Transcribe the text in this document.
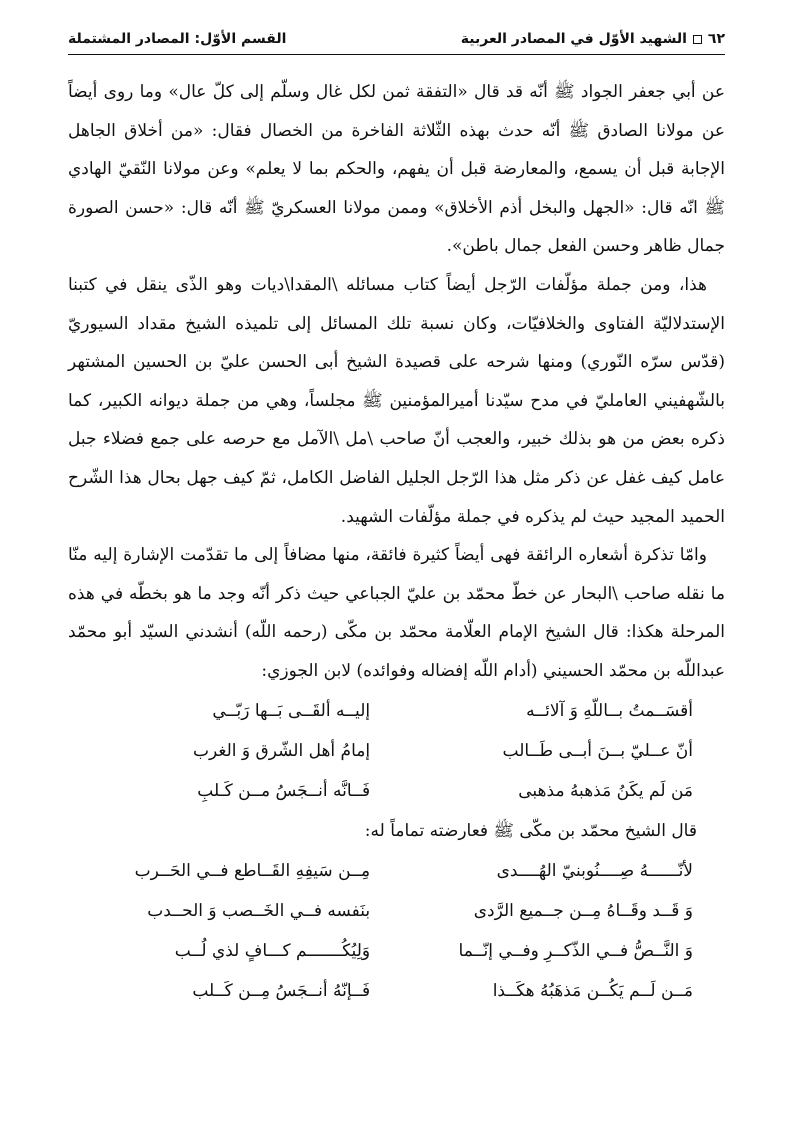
٦٢
الشهيد الأوّل في المصادر العربية
القسم الأوّل: المصادر المشتملة

عن أبي جعفر الجواد ﷺ أنّه قد قال «التفقة ثمن لكل غال وسلّم إلى كلّ عال» وما روى أيضاً عن مولانا الصادق ﷺ أنّه حدث بهذه الثّلاثة الفاخرة من الخصال فقال: «من أخلاق الجاهل الإجابة قبل أن يسمع، والمعارضة قبل أن يفهم، والحكم بما لا يعلم» وعن مولانا النّقيّ الهادي ﷺ انّه قال: «الجهل والبخل أذم الأخلاق» وممن مولانا العسكريّ ﷺ أنّه قال: «حسن الصورة جمال ظاهر وحسن الفعل جمال باطن».

هذا، ومن جملة مؤلّفات الرّجل أيضاً كتاب مسائله \المقدا\ديات وهو الذّى ينقل في كتبنا الإستدلاليّة الفتاوى والخلافيّات، وكان نسبة تلك المسائل إلى تلميذه الشيخ مقداد السيوريّ (قدّس سرّه النّوري) ومنها شرحه على قصيدة الشيخ أبى الحسن عليّ بن الحسين المشتهر بالشّهفيني العامليّ في مدح سيّدنا أميرالمؤمنين ﷺ مجلساً، وهي من جملة ديوانه الكبير، كما ذكره بعض من هو بذلك خبير، والعجب أنّ صاحب \مل \الآمل مع حرصه على جمع فضلاء جبل عامل كيف غفل عن ذكر مثل هذا الرّجل الجليل الفاضل الكامل، ثمّ كيف جهل بحال هذا الشّرح الحميد المجيد حيث لم يذكره في جملة مؤلّفات الشهيد.

وامّا تذكرة أشعاره الرائقة فهى أيضاً كثيرة فائقة، منها مضافاً إلى ما تقدّمت الإشارة إليه منّا ما نقله صاحب \البحار عن خطّ محمّد بن عليّ الجباعي حيث ذكر أنّه وجد ما هو بخطّه في هذه المرحلة هكذا: قال الشيخ الإمام العلّامة محمّد بن مكّى (رحمه اللّه) أنشدني السيّد أبو محمّد عبداللّه بن محمّد الحسيني (أدام اللّه إفضاله وفوائده) لابن الجوزي:

أقسَــمتُ بــاللّهِ وَ آلائــه
إليــه ألقَــى بَــها رَبّــي
أنّ عــليّ بــنَ أبــى طَــالب
إمامُ أهل الشّرق وَ الغرب
مَن لَم يكَنُ مَذهبهُ مذهبى
فَــانَّه أنــجَسُ مــن كَـلبِ
قال الشيخ محمّد بن مكّى ﷺ فعارضته تماماً له:
لأنّــــــهُ صِــــنُوبنيّ الهُــــدى
مِــن سَيفِهِ القَــاطع فــي الحَــرب
وَ قَــد وقَــاهُ مِــن جــميع الرَّدى
بنَفسه فــي الخَــصب وَ الحــدب
وَ النَّــصُّ فــي الذّكــرِ وفــي إنّــما
وَلِيُكُـــــــم كـــافٍ لذي لُــب
مَــن لَــم يَكُــن مَذهَبُهُ هكَــذا
فَــإنّهُ أنــجَسُ مِــن كَــلب
